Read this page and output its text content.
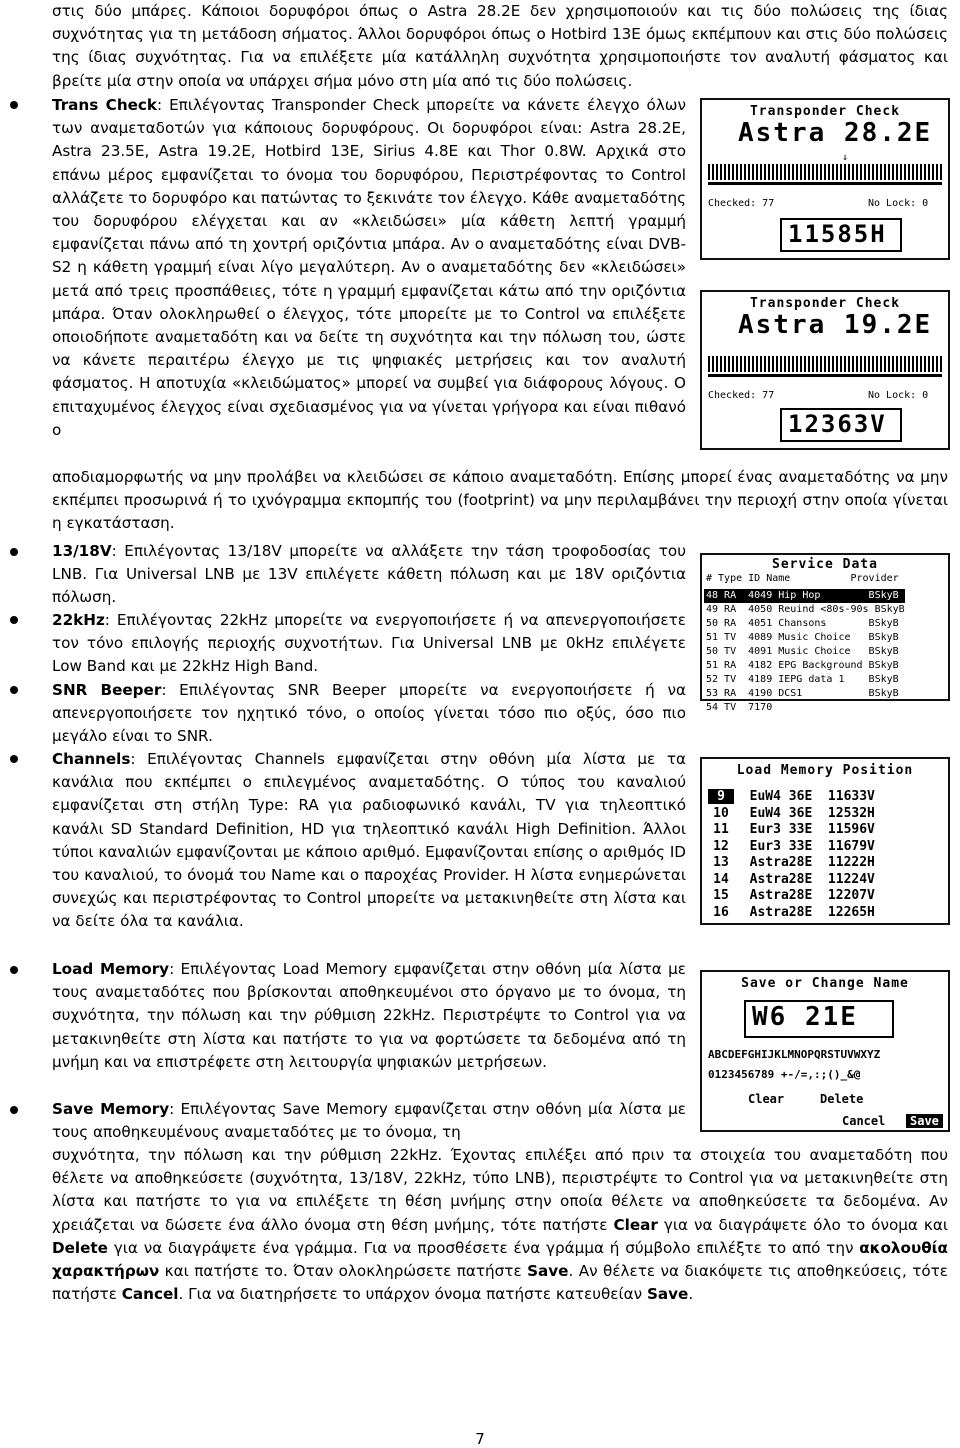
στις δύο μπάρες. Κάποιοι δορυφόροι όπως ο Astra 28.2E δεν χρησιμοποιούν και τις δύο πολώσεις της ίδιας συχνότητας για τη μετάδοση σήματος. Άλλοι δορυφόροι όπως ο Hotbird 13E όμως εκπέμπουν και στις δύο πολώσεις της ίδιας συχνότητας. Για να επιλέξετε μία κατάλληλη συχνότητα χρησιμοποιήστε τον αναλυτή φάσματος και βρείτε μία στην οποία να υπάρχει σήμα μόνο στη μία από τις δύο πολώσεις.
Trans Check: Επιλέγοντας Transponder Check μπορείτε να κάνετε έλεγχο όλων των αναμεταδοτών για κάποιους δορυφόρους. Οι δορυφόροι είναι: Astra 28.2E, Astra 23.5E, Astra 19.2E, Hotbird 13E, Sirius 4.8E και Thor 0.8W. Αρχικά στο επάνω μέρος εμφανίζεται το όνομα του δορυφόρου, Περιστρέφοντας το Control αλλάζετε το δορυφόρο και πατώντας το ξεκινάτε τον έλεγχο. Κάθε αναμεταδότης του δορυφόρου ελέγχεται και αν «κλειδώσει» μία κάθετη λεπτή γραμμή εμφανίζεται πάνω από τη χοντρή οριζόντια μπάρα. Αν ο αναμεταδότης είναι DVB-S2 η κάθετη γραμμή είναι λίγο μεγαλύτερη. Αν ο αναμεταδότης δεν «κλειδώσει» μετά από τρεις προσπάθειες, τότε η γραμμή εμφανίζεται κάτω από την οριζόντια μπάρα. Όταν ολοκληρωθεί ο έλεγχος, τότε μπορείτε με το Control να επιλέξετε οποιοδήποτε αναμεταδότη και να δείτε τη συχνότητα και την πόλωση του, ώστε να κάνετε περαιτέρω έλεγχο με τις ψηφιακές μετρήσεις και τον αναλυτή φάσματος. Η αποτυχία «κλειδώματος» μπορεί να συμβεί για διάφορους λόγους. Ο επιταχυμένος έλεγχος είναι σχεδιασμένος για να γίνεται γρήγορα και είναι πιθανό ο
αποδιαμορφωτής να μην προλάβει να κλειδώσει σε κάποιο αναμεταδότη. Επίσης μπορεί ένας αναμεταδότης να μην εκπέμπει προσωρινά ή το ιχνόγραμμα εκπομπής του (footprint) να μην περιλαμβάνει την περιοχή στην οποία γίνεται η εγκατάσταση.
13/18V: Επιλέγοντας 13/18V μπορείτε να αλλάξετε την τάση τροφοδοσίας του LNB. Για Universal LNB με 13V επιλέγετε κάθετη πόλωση και με 18V οριζόντια πόλωση.
22kHz: Επιλέγοντας 22kHz μπορείτε να ενεργοποιήσετε ή να απενεργοποιήσετε τον τόνο επιλογής περιοχής συχνοτήτων. Για Universal LNB με 0kHz επιλέγετε Low Band και με 22kHz High Band.
SNR Beeper: Επιλέγοντας SNR Beeper μπορείτε να ενεργοποιήσετε ή να απενεργοποιήσετε τον ηχητικό τόνο, ο οποίος γίνεται τόσο πιο οξύς, όσο πιο μεγάλο είναι το SNR.
Channels: Επιλέγοντας Channels εμφανίζεται στην οθόνη μία λίστα με τα κανάλια που εκπέμπει ο επιλεγμένος αναμεταδότης. Ο τύπος του καναλιού εμφανίζεται στη στήλη Type: RA για ραδιοφωνικό κανάλι, TV για τηλεοπτικό κανάλι SD Standard Definition, HD για τηλεοπτικό κανάλι High Definition. Άλλοι τύποι καναλιών εμφανίζονται με κάποιο αριθμό. Εμφανίζονται επίσης ο αριθμός ID του καναλιού, το όνομά του Name και ο παροχέας Provider. Η λίστα ενημερώνεται συνεχώς και περιστρέφοντας το Control μπορείτε να μετακινηθείτε στη λίστα και να δείτε όλα τα κανάλια.
Load Memory: Επιλέγοντας Load Memory εμφανίζεται στην οθόνη μία λίστα με τους αναμεταδότες που βρίσκονται αποθηκευμένοι στο όργανο με το όνομα, τη συχνότητα, την πόλωση και την ρύθμιση 22kHz. Περιστρέψτε το Control για να μετακινηθείτε στη λίστα και πατήστε το για να φορτώσετε τα δεδομένα από τη μνήμη και να επιστρέφετε στη λειτουργία ψηφιακών μετρήσεων.
Save Memory: Επιλέγοντας Save Memory εμφανίζεται στην οθόνη μία λίστα με τους αποθηκευμένους αναμεταδότες με το όνομα, τη
συχνότητα, την πόλωση και την ρύθμιση 22kHz. Έχοντας επιλέξει από πριν τα στοιχεία του αναμεταδότη που θέλετε να αποθηκεύσετε (συχνότητα, 13/18V, 22kHz, τύπο LNB), περιστρέψτε το Control για να μετακινηθείτε στη λίστα και πατήστε το για να επιλέξετε τη θέση μνήμης στην οποία θέλετε να αποθηκεύσετε τα δεδομένα. Αν χρειάζεται να δώσετε ένα άλλο όνομα στη θέση μνήμης, τότε πατήστε Clear για να διαγράψετε όλο το όνομα και Delete για να διαγράψετε ένα γράμμα. Για να προσθέσετε ένα γράμμα ή σύμβολο επιλέξτε το από την ακολουθία χαρακτήρων και πατήστε το. Όταν ολοκληρώσετε πατήστε Save. Αν θέλετε να διακόψετε τις αποθηκεύσεις, τότε πατήστε Cancel. Για να διατηρήσετε το υπάρχον όνομα πατήστε κατευθείαν Save.
Transponder Check
Astra 28.2E
↓
Checked: 77	No Lock: 0
11585H
Transponder Check
Astra 19.2E
Checked: 77	No Lock: 0
12363V
Service Data
# Type ID Name          Provider
48 RA  4049 Hip Hop        BSkyB
49 RA  4050 Reuind <80s-90s BSkyB
50 RA  4051 Chansons       BSkyB
51 TV  4089 Music Choice   BSkyB
50 TV  4091 Music Choice   BSkyB
51 RA  4182 EPG Background BSkyB
52 TV  4189 IEPG data 1    BSkyB
53 RA  4190 DCS1           BSkyB
54 TV  7170
Load Memory Position
9  EuW4 36E  11633V
10  EuW4 36E  12532H
11  Eur3 33E  11596V
12  Eur3 33E  11679V
13  Astra28E  11222H
14  Astra28E  11224V
15  Astra28E  12207V
16  Astra28E  12265H
Save or Change Name
W6 21E
ABCDEFGHIJKLMNOPQRSTUVWXYZ
0123456789 +-/=,:;()_&@
Clear	Delete
Cancel	Save
7
